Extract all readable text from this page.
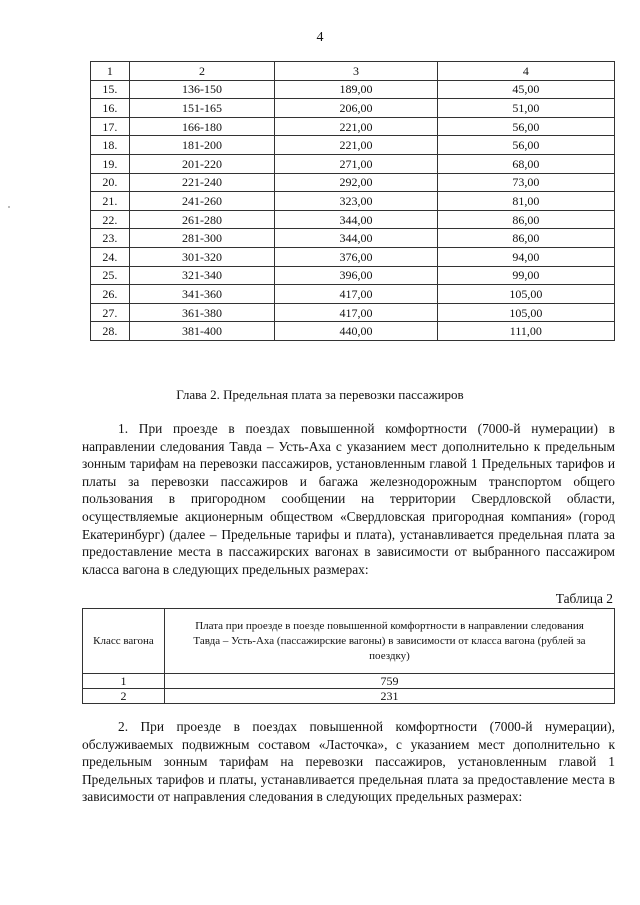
4
1	2	3	4
15.	136-150	189,00	45,00
16.	151-165	206,00	51,00
17.	166-180	221,00	56,00
18.	181-200	221,00	56,00
19.	201-220	271,00	68,00
20.	221-240	292,00	73,00
21.	241-260	323,00	81,00
22.	261-280	344,00	86,00
23.	281-300	344,00	86,00
24.	301-320	376,00	94,00
25.	321-340	396,00	99,00
26.	341-360	417,00	105,00
27.	361-380	417,00	105,00
28.	381-400	440,00	111,00
Глава 2. Предельная плата за перевозки пассажиров

1. При проезде в поездах повышенной комфортности (7000-й нумерации) в направлении следования Тавда – Усть-Аха с указанием мест дополнительно к предельным зонным тарифам на перевозки пассажиров, установленным главой 1 Предельных тарифов и платы за перевозки пассажиров и багажа железнодорожным транспортом общего пользования в пригородном сообщении на территории Свердловской области, осуществляемые акционерным обществом «Свердловская пригородная компания» (город Екатеринбург) (далее – Предельные тарифы и плата), устанавливается предельная плата за предоставление места в пассажирских вагонах в зависимости от выбранного пассажиром класса вагона в следующих предельных размерах:

Таблица 2
Класс вагона	Плата при проезде в поезде повышенной комфортности в направлении следования Тавда – Усть-Аха (пассажирские вагоны) в зависимости от класса вагона (рублей за поездку)
1	759
2	231

2. При проезде в поездах повышенной комфортности (7000-й нумерации), обслуживаемых подвижным составом «Ласточка», с указанием мест дополнительно к предельным зонным тарифам на перевозки пассажиров, установленным главой 1 Предельных тарифов и платы, устанавливается предельная плата за предоставление места в зависимости от направления следования в следующих предельных размерах:
